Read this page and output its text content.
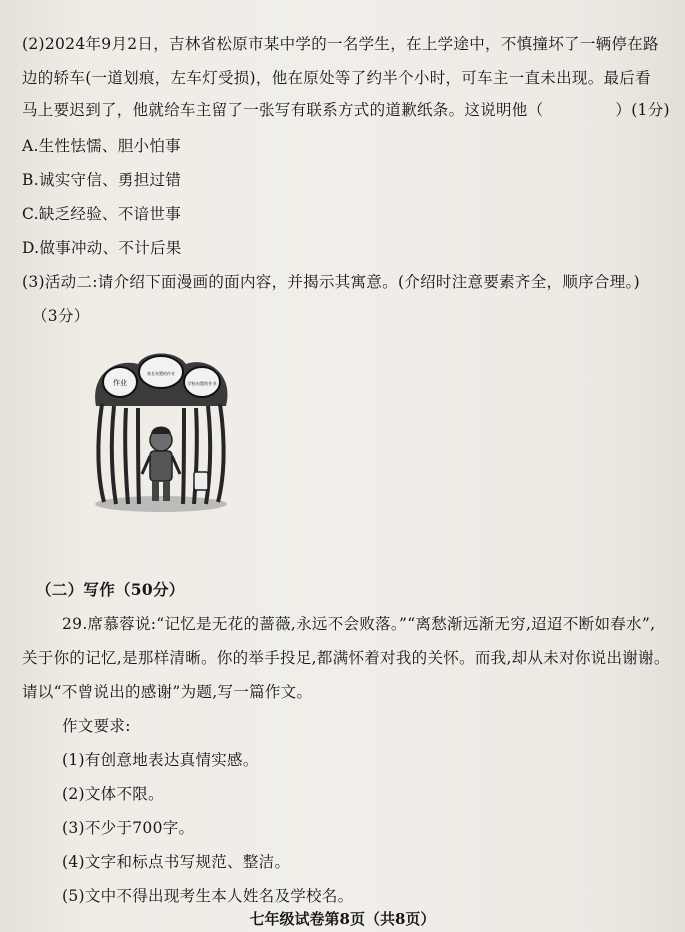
(2)2024年9月2日，吉林省松原市某中学的一名学生，在上学途中，不慎撞坏了一辆停在路
边的轿车(一道划痕，左车灯受损)，他在原处等了约半个小时，可车主一直未出现。最后看
马上要迟到了，他就给车主留了一张写有联系方式的道歉纸条。这说明他（	）(1分)
A.生性怯懦、胆小怕事
B.诚实守信、勇担过错
C.缺乏经验、不谙世事
D.做事冲动、不计后果
(3)活动二:请介绍下面漫画的面内容，并揭示其寓意。(介绍时注意要素齐全，顺序合理。)
（3分）
作业
家长布置的作业
学校布置的作业
（二）写作（50分）
29.席慕蓉说:“记忆是无花的蔷薇,永远不会败落。”“离愁渐远渐无穷,迢迢不断如春水”,
关于你的记忆,是那样清晰。你的举手投足,都满怀着对我的关怀。而我,却从未对你说出谢谢。
请以“不曾说出的感谢”为题,写一篇作文。
作文要求:
(1)有创意地表达真情实感。
(2)文体不限。
(3)不少于700字。
(4)文字和标点书写规范、整洁。
(5)文中不得出现考生本人姓名及学校名。
七年级试卷第8页（共8页）
